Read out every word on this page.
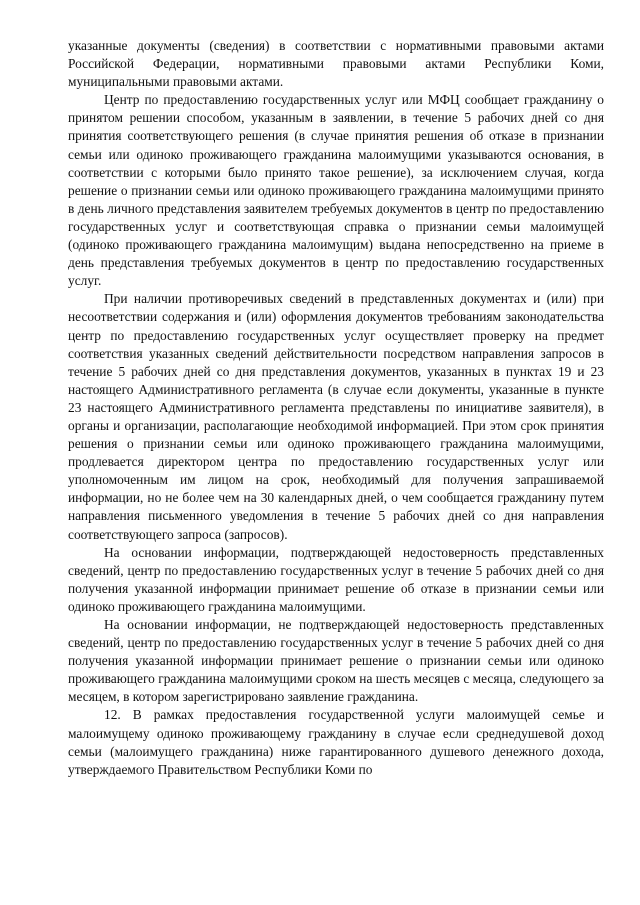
указанные документы (сведения) в соответствии с нормативными правовыми актами Российской Федерации, нормативными правовыми актами Республики Коми, муниципальными правовыми актами.

Центр по предоставлению государственных услуг или МФЦ сообщает гражданину о принятом решении способом, указанным в заявлении, в течение 5 рабочих дней со дня принятия соответствующего решения (в случае принятия решения об отказе в признании семьи или одиноко проживающего гражданина малоимущими указываются основания, в соответствии с которыми было принято такое решение), за исключением случая, когда решение о признании семьи или одиноко проживающего гражданина малоимущими принято в день личного представления заявителем требуемых документов в центр по предоставлению государственных услуг и соответствующая справка о признании семьи малоимущей (одиноко проживающего гражданина малоимущим) выдана непосредственно на приеме в день представления требуемых документов в центр по предоставлению государственных услуг.

При наличии противоречивых сведений в представленных документах и (или) при несоответствии содержания и (или) оформления документов требованиям законодательства центр по предоставлению государственных услуг осуществляет проверку на предмет соответствия указанных сведений действительности посредством направления запросов в течение 5 рабочих дней со дня представления документов, указанных в пунктах 19 и 23 настоящего Административного регламента (в случае если документы, указанные в пункте 23 настоящего Административного регламента представлены по инициативе заявителя), в органы и организации, располагающие необходимой информацией. При этом срок принятия решения о признании семьи или одиноко проживающего гражданина малоимущими, продлевается директором центра по предоставлению государственных услуг или уполномоченным им лицом на срок, необходимый для получения запрашиваемой информации, но не более чем на 30 календарных дней, о чем сообщается гражданину путем направления письменного уведомления в течение 5 рабочих дней со дня направления соответствующего запроса (запросов).

На основании информации, подтверждающей недостоверность представленных сведений, центр по предоставлению государственных услуг в течение 5 рабочих дней со дня получения указанной информации принимает решение об отказе в признании семьи или одиноко проживающего гражданина малоимущими.

На основании информации, не подтверждающей недостоверность представленных сведений, центр по предоставлению государственных услуг в течение 5 рабочих дней со дня получения указанной информации принимает решение о признании семьи или одиноко проживающего гражданина малоимущими сроком на шесть месяцев с месяца, следующего за месяцем, в котором зарегистрировано заявление гражданина.

12. В рамках предоставления государственной услуги малоимущей семье и малоимущему одиноко проживающему гражданину в случае если среднедушевой доход семьи (малоимущего гражданина) ниже гарантированного душевого денежного дохода, утверждаемого Правительством Республики Коми по
